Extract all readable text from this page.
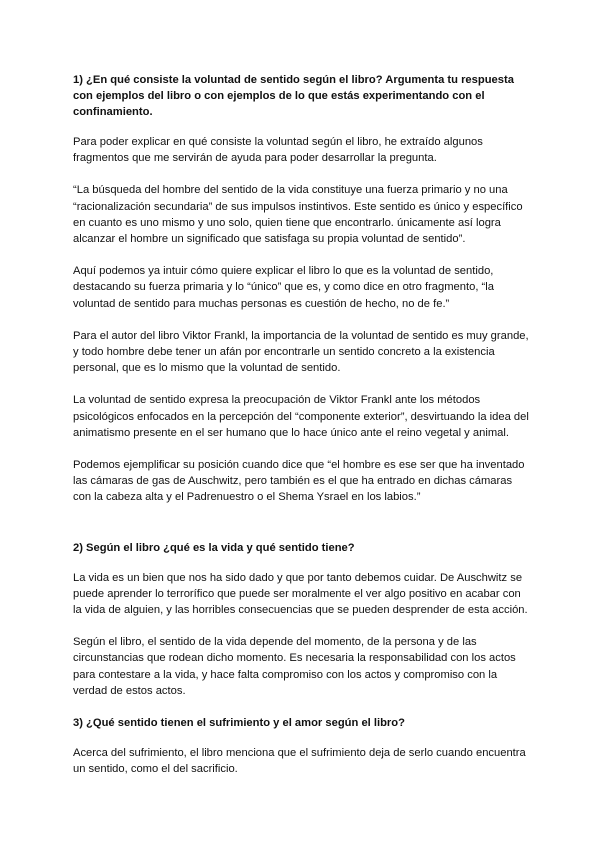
1) ¿En qué consiste la voluntad de sentido según el libro? Argumenta tu respuesta con ejemplos del libro o con ejemplos de lo que estás experimentando con el confinamiento.

Para poder explicar en qué consiste la voluntad según el libro, he extraído algunos fragmentos que me servirán de ayuda para poder desarrollar la pregunta.

“La búsqueda del hombre del sentido de la vida constituye una fuerza primario y no una “racionalización secundaria” de sus impulsos instintivos. Este sentido es único y específico en cuanto es uno mismo y uno solo, quien tiene que encontrarlo. únicamente así logra alcanzar el hombre un significado que satisfaga su propia voluntad de sentido”.

Aquí podemos ya intuir cómo quiere explicar el libro lo que es la voluntad de sentido, destacando su fuerza primaria y lo “único” que es, y como dice en otro fragmento, “la voluntad de sentido para muchas personas es cuestión de hecho, no de fe.”

Para el autor del libro Viktor Frankl, la importancia de la voluntad de sentido es muy grande, y todo hombre debe tener un afán por encontrarle un sentido concreto a la existencia personal, que es lo mismo que la voluntad de sentido.

La voluntad de sentido expresa la preocupación de Viktor Frankl ante los métodos psicológicos enfocados en la percepción del “componente exterior”, desvirtuando la idea del animatismo presente en el ser humano que lo hace único ante el reino vegetal y animal.

Podemos ejemplificar su posición cuando dice que “el hombre es ese ser que ha inventado las cámaras de gas de Auschwitz, pero también es el que ha entrado en dichas cámaras con la cabeza alta y el Padrenuestro o el Shema Ysrael en los labios.”

2) Según el libro ¿qué es la vida y qué sentido tiene?

La vida es un bien que nos ha sido dado y que por tanto debemos cuidar. De Auschwitz se puede aprender lo terrorífico que puede ser moralmente el ver algo positivo en acabar con la vida de alguien, y las horribles consecuencias que se pueden desprender de esta acción.

Según el libro, el sentido de la vida depende del momento, de la persona y de las circunstancias que rodean dicho momento. Es necesaria la responsabilidad con los actos para contestare a la vida, y hace falta compromiso con los actos y compromiso con la verdad de estos actos.

3) ¿Qué sentido tienen el sufrimiento y el amor según el libro?

Acerca del sufrimiento, el libro menciona que el sufrimiento deja de serlo cuando encuentra un sentido, como el del sacrificio.
